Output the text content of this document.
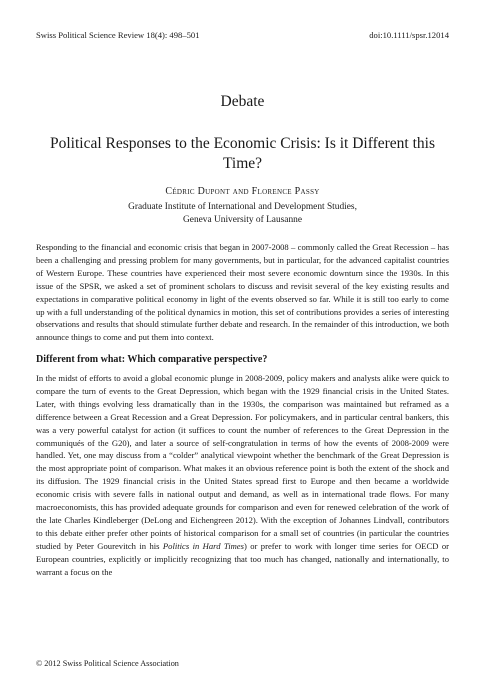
Swiss Political Science Review 18(4): 498–501	doi:10.1111/spsr.12014
Debate
Political Responses to the Economic Crisis: Is it Different this Time?
Cédric Dupont and Florence Passy
Graduate Institute of International and Development Studies,
Geneva University of Lausanne

Responding to the financial and economic crisis that began in 2007-2008 – commonly called the Great Recession – has been a challenging and pressing problem for many governments, but in particular, for the advanced capitalist countries of Western Europe. These countries have experienced their most severe economic downturn since the 1930s. In this issue of the SPSR, we asked a set of prominent scholars to discuss and revisit several of the key existing results and expectations in comparative political economy in light of the events observed so far. While it is still too early to come up with a full understanding of the political dynamics in motion, this set of contributions provides a series of interesting observations and results that should stimulate further debate and research. In the remainder of this introduction, we both announce things to come and put them into context.

Different from what: Which comparative perspective?

In the midst of efforts to avoid a global economic plunge in 2008-2009, policy makers and analysts alike were quick to compare the turn of events to the Great Depression, which began with the 1929 financial crisis in the United States. Later, with things evolving less dramatically than in the 1930s, the comparison was maintained but reframed as a difference between a Great Recession and a Great Depression. For policymakers, and in particular central bankers, this was a very powerful catalyst for action (it suffices to count the number of references to the Great Depression in the communiqués of the G20), and later a source of self-congratulation in terms of how the events of 2008-2009 were handled. Yet, one may discuss from a “colder” analytical viewpoint whether the benchmark of the Great Depression is the most appropriate point of comparison. What makes it an obvious reference point is both the extent of the shock and its diffusion. The 1929 financial crisis in the United States spread first to Europe and then became a worldwide economic crisis with severe falls in national output and demand, as well as in international trade flows. For many macroeconomists, this has provided adequate grounds for comparison and even for renewed celebration of the work of the late Charles Kindleberger (DeLong and Eichengreen 2012). With the exception of Johannes Lindvall, contributors to this debate either prefer other points of historical comparison for a small set of countries (in particular the countries studied by Peter Gourevitch in his Politics in Hard Times) or prefer to work with longer time series for OECD or European countries, explicitly or implicitly recognizing that too much has changed, nationally and internationally, to warrant a focus on the

© 2012 Swiss Political Science Association
